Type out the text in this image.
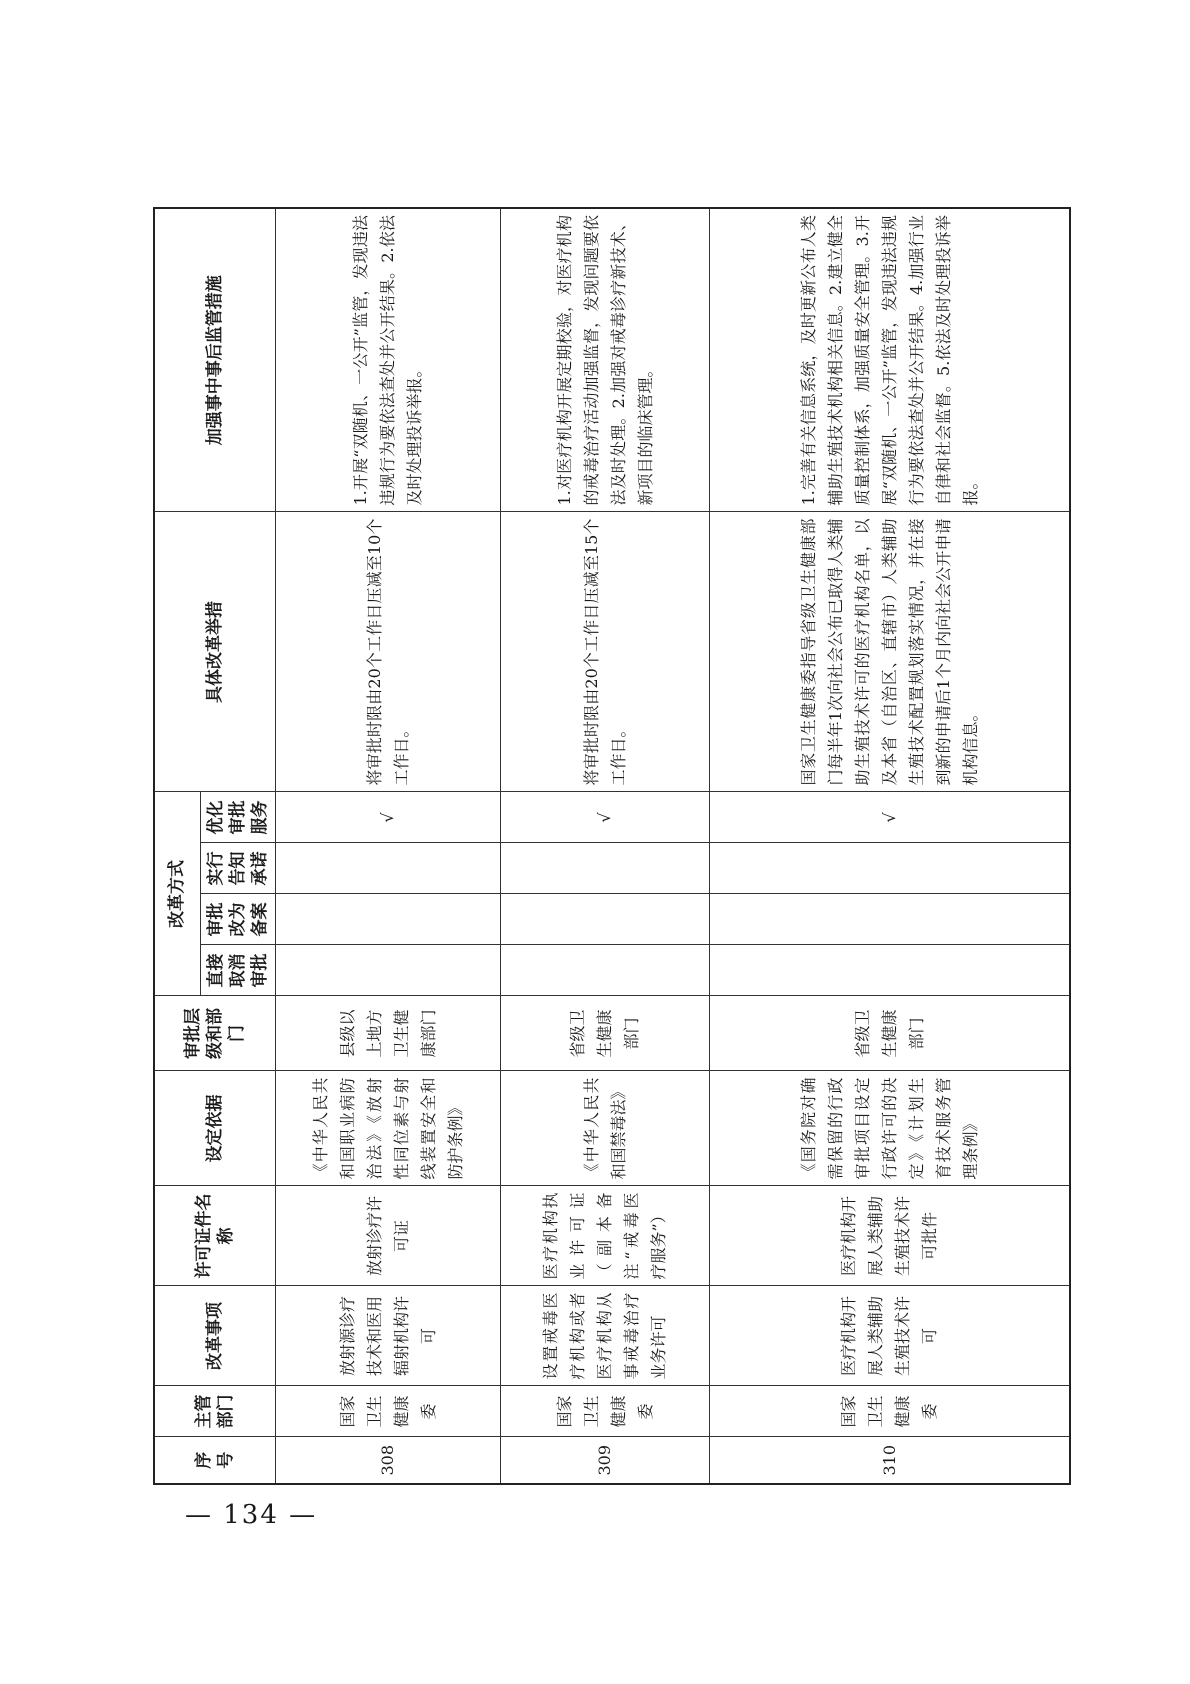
序号	主管部门	改革事项	许可证件名称	设定依据	审批层级和部门	改革方式				具体改革举措	加强事中事后监管措施
						直接取消审批	审批改为备案	实行告知承诺	优化审批服务		
308	国家卫生健康委	放射源诊疗技术和医用辐射机构许可	放射诊疗许可证	《中华人民共和国职业病防治法》《放射性同位素与射线装置安全和防护条例》	县级以上地方卫生健康部门				√	将审批时限由20个工作日压减至10个工作日。	1.开展“双随机、一公开”监管，发现违法违规行为要依法查处并公开结果。2.依法及时处理投诉举报。
309	国家卫生健康委	设置戒毒医疗机构或者医疗机构从事戒毒治疗业务许可	医疗机构执业许可证（副本备注“戒毒医疗服务”）	《中华人民共和国禁毒法》	省级卫生健康部门				√	将审批时限由20个工作日压减至15个工作日。	1.对医疗机构开展定期校验，对医疗机构的戒毒治疗活动加强监督，发现问题要依法及时处理。2.加强对戒毒诊疗新技术、新项目的临床管理。
310	国家卫生健康委	医疗机构开展人类辅助生殖技术许可	医疗机构开展人类辅助生殖技术许可批件	《国务院对确需保留的行政审批项目设定行政许可的决定》《计划生育技术服务管理条例》	省级卫生健康部门				√	国家卫生健康委指导省级卫生健康部门每半年1次向社会公布已取得人类辅助生殖技术许可的医疗机构名单，以及本省（自治区、直辖市）人类辅助生殖技术配置规划落实情况，并在接到新的申请后1个月内向社会公开申请机构信息。	1.完善有关信息系统，及时更新公布人类辅助生殖技术机构相关信息。2.建立健全质量控制体系，加强质量安全管理。3.开展“双随机、一公开”监管，发现违法违规行为要依法查处并公开结果。4.加强行业自律和社会监督。5.依法及时处理投诉举报。
— 134 —
